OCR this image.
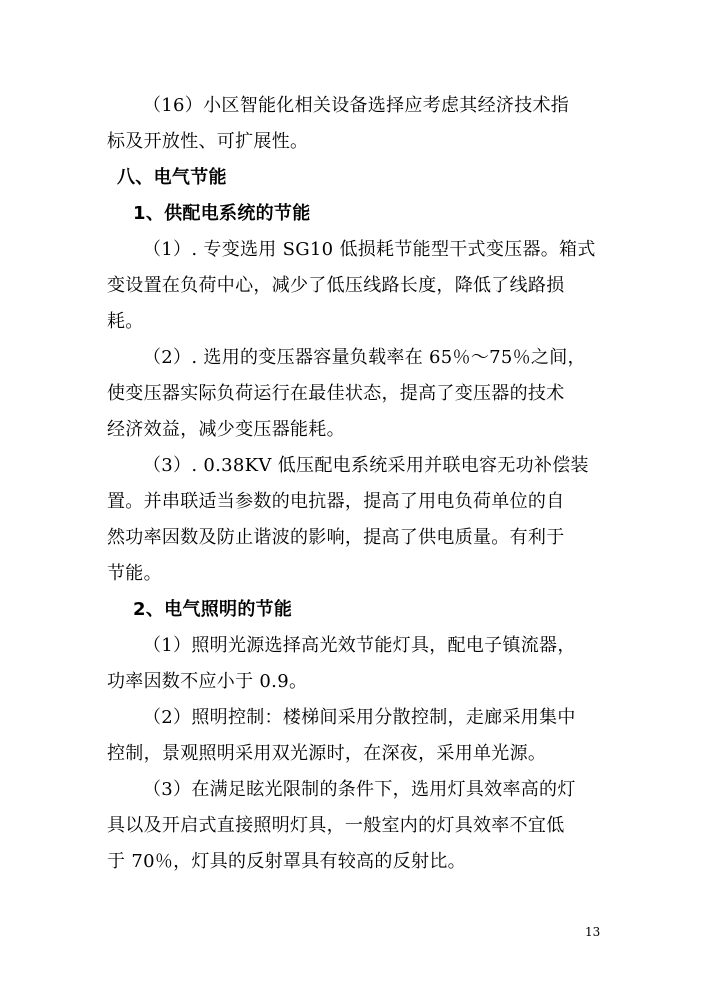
（16）小区智能化相关设备选择应考虑其经济技术指
标及开放性、可扩展性。
八、电气节能
1、供配电系统的节能
（1）. 专变选用 SG10 低损耗节能型干式变压器。箱式
变设置在负荷中心，减少了低压线路长度，降低了线路损
耗。
（2）. 选用的变压器容量负载率在 65％～75％之间，
使变压器实际负荷运行在最佳状态，提高了变压器的技术
经济效益，减少变压器能耗。
（3）. 0.38KV 低压配电系统采用并联电容无功补偿装
置。并串联适当参数的电抗器，提高了用电负荷单位的自
然功率因数及防止谐波的影响，提高了供电质量。有利于
节能。
2、电气照明的节能
（1）照明光源选择高光效节能灯具，配电子镇流器，
功率因数不应小于 0.9。
（2）照明控制：楼梯间采用分散控制，走廊采用集中
控制，景观照明采用双光源时，在深夜，采用单光源。
（3）在满足眩光限制的条件下，选用灯具效率高的灯
具以及开启式直接照明灯具，一般室内的灯具效率不宜低
于 70％，灯具的反射罩具有较高的反射比。
13
